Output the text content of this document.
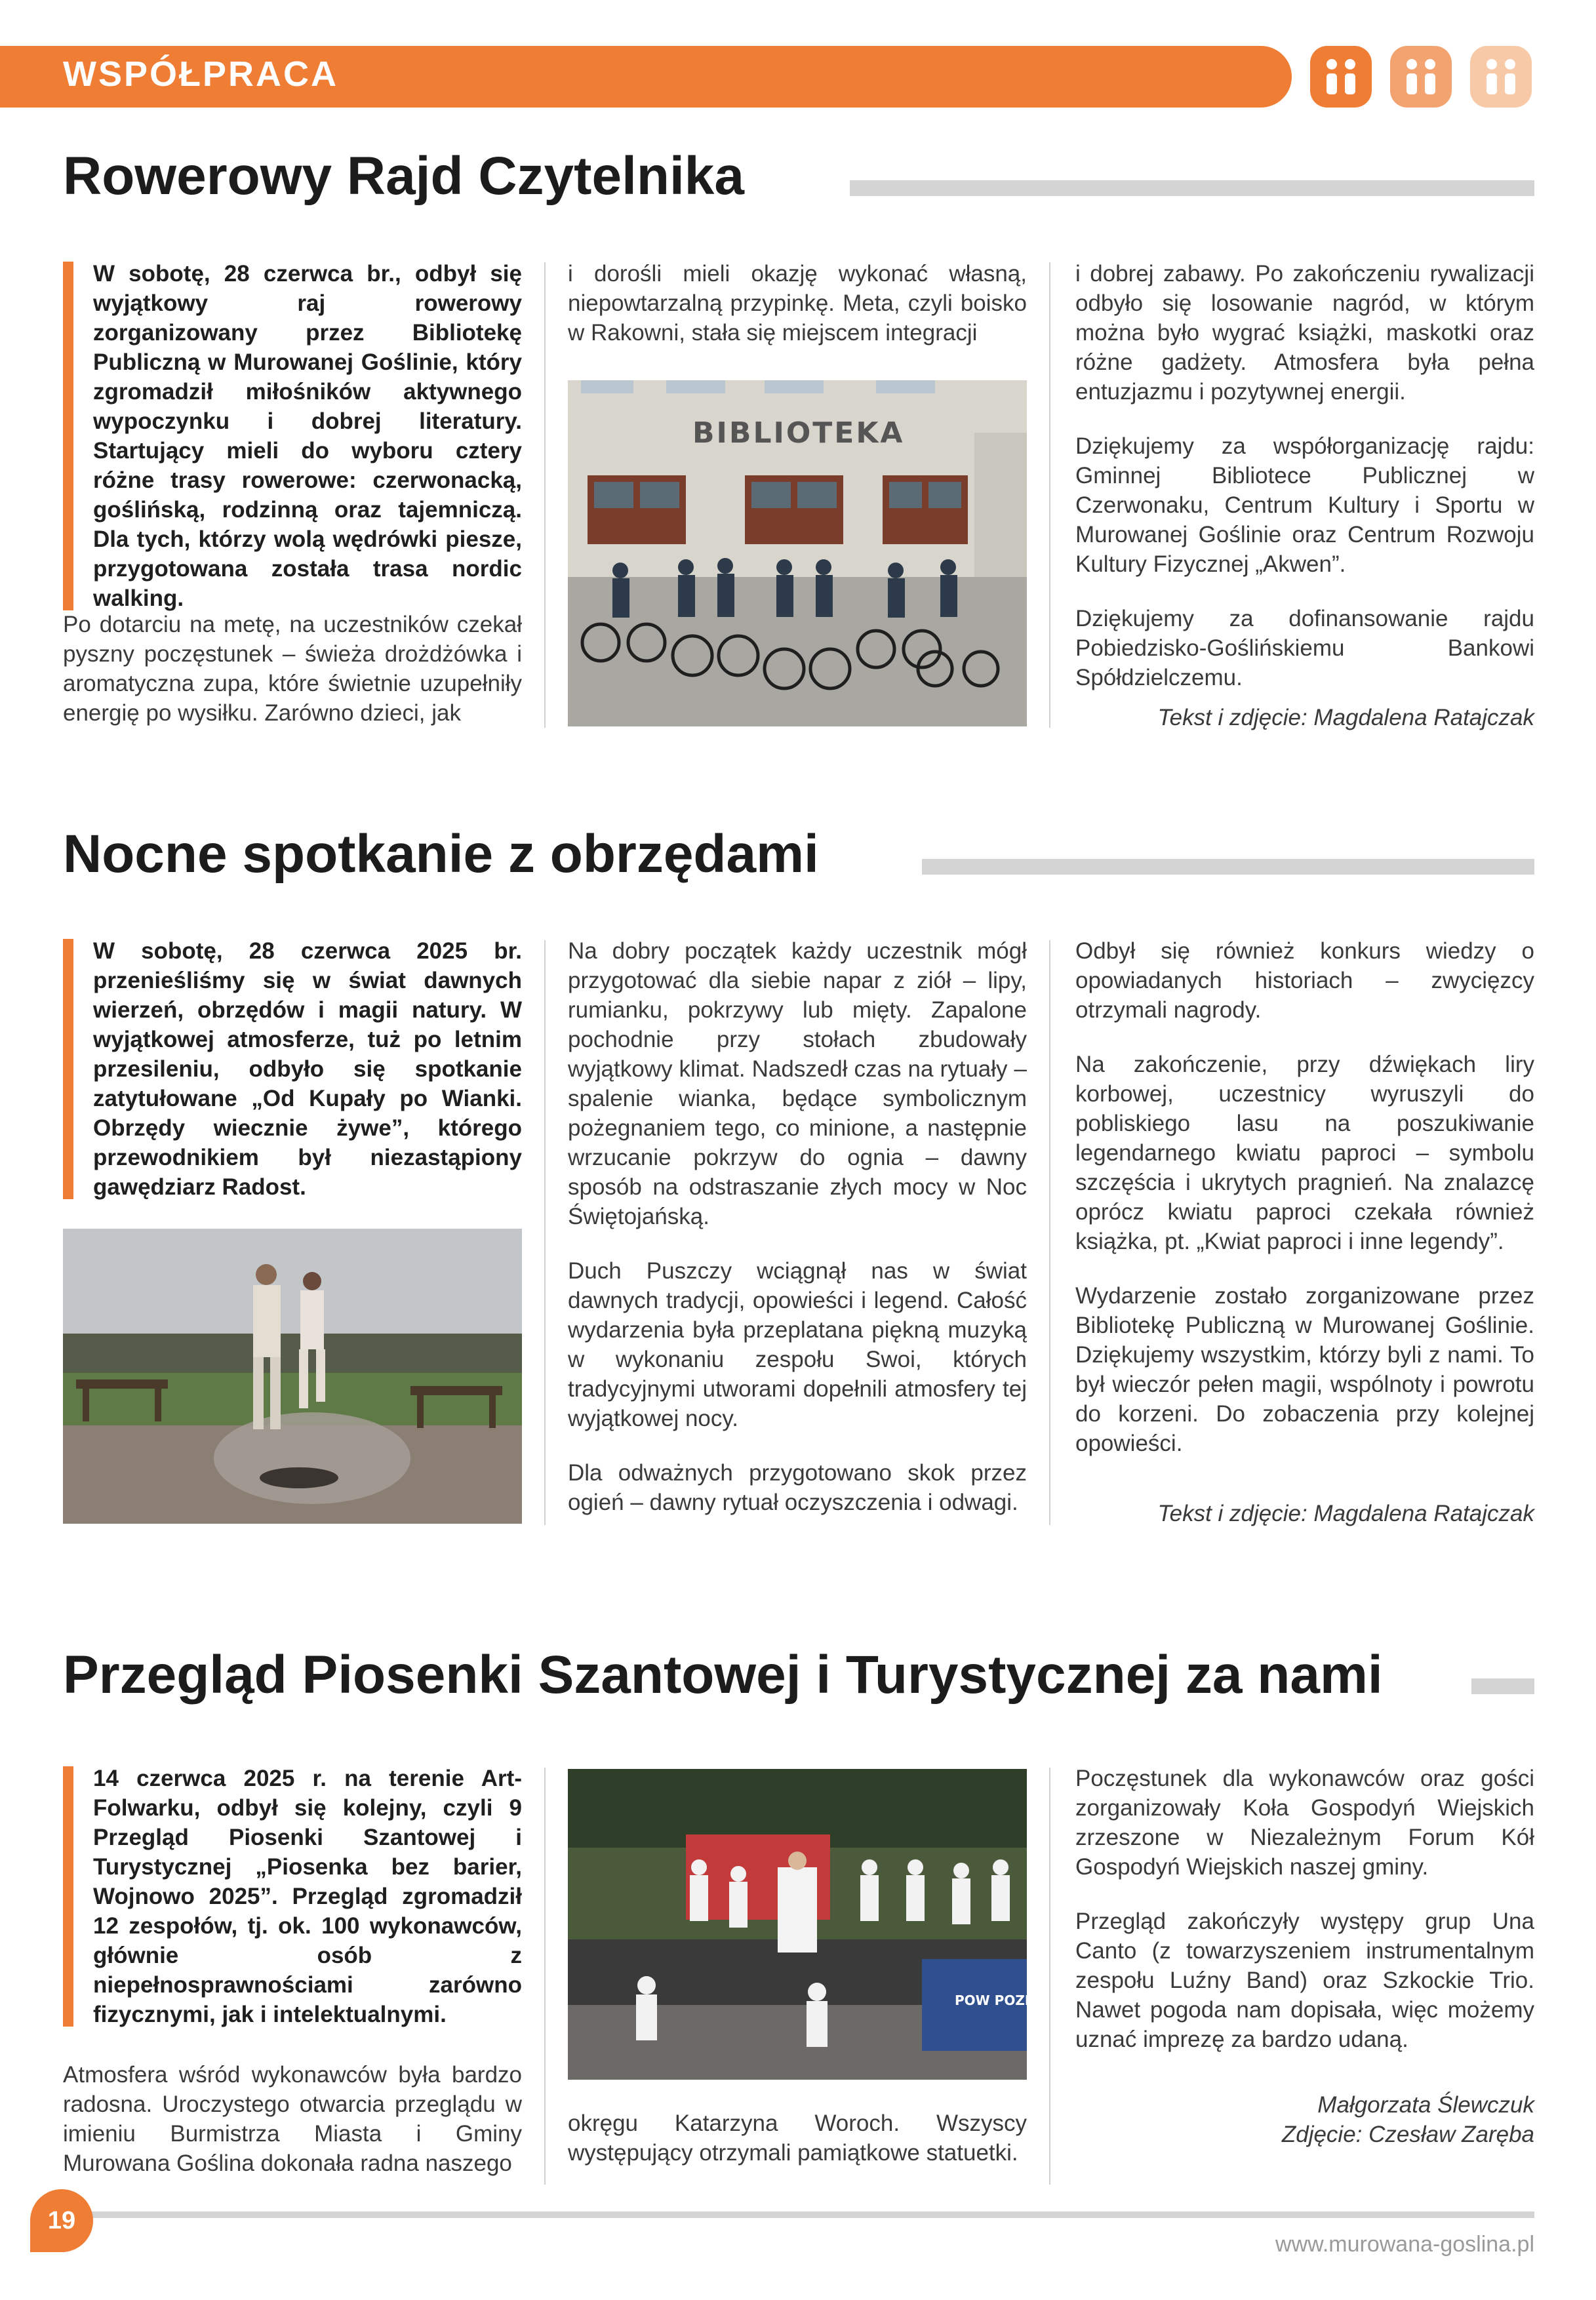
WSPÓŁPRACA
Rowerowy Rajd Czytelnika

W sobotę, 28 czerwca br., odbył się wyjątkowy raj rowerowy zorganizowany przez Bibliotekę Publiczną w Murowanej Goślinie, który zgromadził miłośników aktywnego wypoczynku i dobrej literatury. Startujący mieli do wyboru cztery różne trasy rowerowe: czerwonacką, goślińską, rodzinną oraz tajemniczą. Dla tych, którzy wolą wędrówki piesze, przygotowana została trasa nordic walking.

Po dotarciu na metę, na uczestników czekał pyszny poczęstunek – świeża drożdżówka i aromatyczna zupa, które świetnie uzupełniły energię po wysiłku. Zarówno dzieci, jak

i dorośli mieli okazję wykonać własną, niepowtarzalną przypinkę. Meta, czyli boisko w Rakowni, stała się miejscem integracji

BIBLIOTEKA

i dobrej zabawy. Po zakończeniu rywalizacji odbyło się losowanie nagród, w którym można było wygrać książki, maskotki oraz różne gadżety. Atmosfera była pełna entuzjazmu i pozytywnej energii.

Dziękujemy za współorganizację rajdu: Gminnej Bibliotece Publicznej w Czerwonaku, Centrum Kultury i Sportu w Murowanej Goślinie oraz Centrum Rozwoju Kultury Fizycznej „Akwen”.

Dziękujemy za dofinansowanie rajdu Pobiedzisko-Goślińskiemu Bankowi Spółdzielczemu.

Tekst i zdjęcie: Magdalena Ratajczak
Nocne spotkanie z obrzędami

W sobotę, 28 czerwca 2025 br. przenieśliśmy się w świat dawnych wierzeń, obrzędów i magii natury. W wyjątkowej atmosferze, tuż po letnim przesileniu, odbyło się spotkanie zatytułowane „Od Kupały po Wianki. Obrzędy wiecznie żywe”, którego przewodnikiem był niezastąpiony gawędziarz Radost.

Na dobry początek każdy uczestnik mógł przygotować dla siebie napar z ziół – lipy, rumianku, pokrzywy lub mięty. Zapalone pochodnie przy stołach zbudowały wyjątkowy klimat. Nadszedł czas na rytuały – spalenie wianka, będące symbolicznym pożegnaniem tego, co minione, a następnie wrzucanie pokrzyw do ognia – dawny sposób na odstraszanie złych mocy w Noc Świętojańską.

Duch Puszczy wciągnął nas w świat dawnych tradycji, opowieści i legend. Całość wydarzenia była przeplatana piękną muzyką w wykonaniu zespołu Swoi, których tradycyjnymi utworami dopełnili atmosfery tej wyjątkowej nocy.

Dla odważnych przygotowano skok przez ogień – dawny rytuał oczyszczenia i odwagi.

Odbył się również konkurs wiedzy o opowiadanych historiach – zwycięzcy otrzymali nagrody.

Na zakończenie, przy dźwiękach liry korbowej, uczestnicy wyruszyli do pobliskiego lasu na poszukiwanie legendarnego kwiatu paproci – symbolu szczęścia i ukrytych pragnień. Na znalazcę oprócz kwiatu paproci czekała również książka, pt. „Kwiat paproci i inne legendy”.

Wydarzenie zostało zorganizowane przez Bibliotekę Publiczną w Murowanej Goślinie. Dziękujemy wszystkim, którzy byli z nami. To był wieczór pełen magii, wspólnoty i powrotu do korzeni. Do zobaczenia przy kolejnej opowieści.

Tekst i zdjęcie: Magdalena Ratajczak
Przegląd Piosenki Szantowej i Turystycznej za nami

14 czerwca 2025 r. na terenie Art-Folwarku, odbył się kolejny, czyli 9 Przegląd Piosenki Szantowej i Turystycznej „Piosenka bez barier, Wojnowo 2025”. Przegląd zgromadził 12 zespołów, tj. ok. 100 wykonawców, głównie osób z niepełnosprawnościami zarówno fizycznymi, jak i intelektualnymi.

Atmosfera wśród wykonawców była bardzo radosna. Uroczystego otwarcia przeglądu w imieniu Burmistrza Miasta i Gminy Murowana Goślina dokonała radna naszego

POW POZN

okręgu Katarzyna Woroch. Wszyscy występujący otrzymali pamiątkowe statuetki.

Poczęstunek dla wykonawców oraz gości zorganizowały Koła Gospodyń Wiejskich zrzeszone w Niezależnym Forum Kół Gospodyń Wiejskich naszej gminy.

Przegląd zakończyły występy grup Una Canto (z towarzyszeniem instrumentalnym zespołu Luźny Band) oraz Szkockie Trio. Nawet pogoda nam dopisała, więc możemy uznać imprezę za bardzo udaną.

Małgorzata Ślewczuk
Zdjęcie: Czesław Zaręba
19
www.murowana-goslina.pl
